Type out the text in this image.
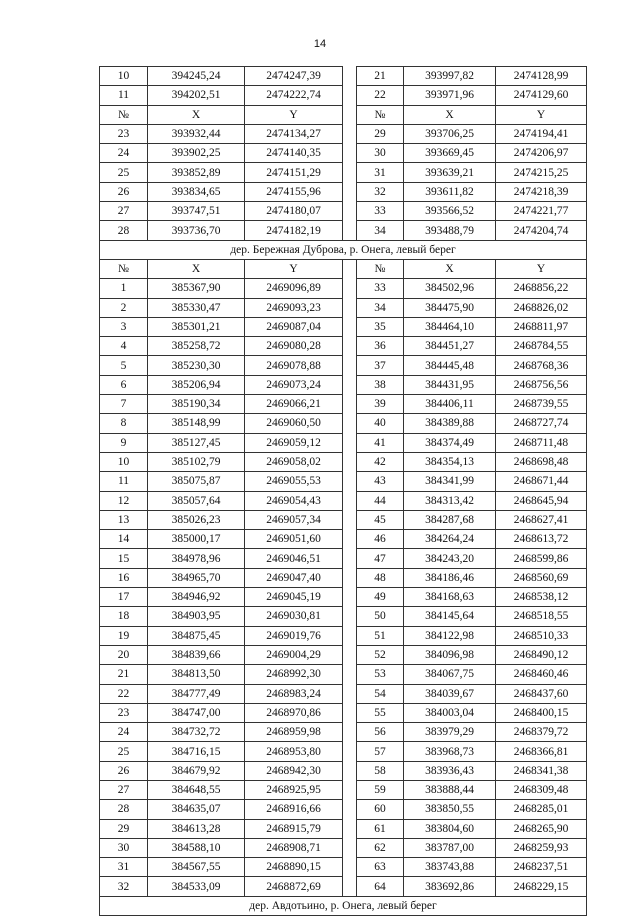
14
10	394245,24	2474247,39		21	393997,82	2474128,99
11	394202,51	2474222,74		22	393971,96	2474129,60
№	X	Y		№	X	Y
23	393932,44	2474134,27		29	393706,25	2474194,41
24	393902,25	2474140,35		30	393669,45	2474206,97
25	393852,89	2474151,29		31	393639,21	2474215,25
26	393834,65	2474155,96		32	393611,82	2474218,39
27	393747,51	2474180,07		33	393566,52	2474221,77
28	393736,70	2474182,19		34	393488,79	2474204,74
дер. Бережная Дуброва, р. Онега, левый берег						
№	X	Y		№	X	Y
1	385367,90	2469096,89		33	384502,96	2468856,22
2	385330,47	2469093,23		34	384475,90	2468826,02
3	385301,21	2469087,04		35	384464,10	2468811,97
4	385258,72	2469080,28		36	384451,27	2468784,55
5	385230,30	2469078,88		37	384445,48	2468768,36
6	385206,94	2469073,24		38	384431,95	2468756,56
7	385190,34	2469066,21		39	384406,11	2468739,55
8	385148,99	2469060,50		40	384389,88	2468727,74
9	385127,45	2469059,12		41	384374,49	2468711,48
10	385102,79	2469058,02		42	384354,13	2468698,48
11	385075,87	2469055,53		43	384341,99	2468671,44
12	385057,64	2469054,43		44	384313,42	2468645,94
13	385026,23	2469057,34		45	384287,68	2468627,41
14	385000,17	2469051,60		46	384264,24	2468613,72
15	384978,96	2469046,51		47	384243,20	2468599,86
16	384965,70	2469047,40		48	384186,46	2468560,69
17	384946,92	2469045,19		49	384168,63	2468538,12
18	384903,95	2469030,81		50	384145,64	2468518,55
19	384875,45	2469019,76		51	384122,98	2468510,33
20	384839,66	2469004,29		52	384096,98	2468490,12
21	384813,50	2468992,30		53	384067,75	2468460,46
22	384777,49	2468983,24		54	384039,67	2468437,60
23	384747,00	2468970,86		55	384003,04	2468400,15
24	384732,72	2468959,98		56	383979,29	2468379,72
25	384716,15	2468953,80		57	383968,73	2468366,81
26	384679,92	2468942,30		58	383936,43	2468341,38
27	384648,55	2468925,95		59	383888,44	2468309,48
28	384635,07	2468916,66		60	383850,55	2468285,01
29	384613,28	2468915,79		61	383804,60	2468265,90
30	384588,10	2468908,71		62	383787,00	2468259,93
31	384567,55	2468890,15		63	383743,88	2468237,51
32	384533,09	2468872,69		64	383692,86	2468229,15
дер. Авдотьино, р. Онега, левый берег						
